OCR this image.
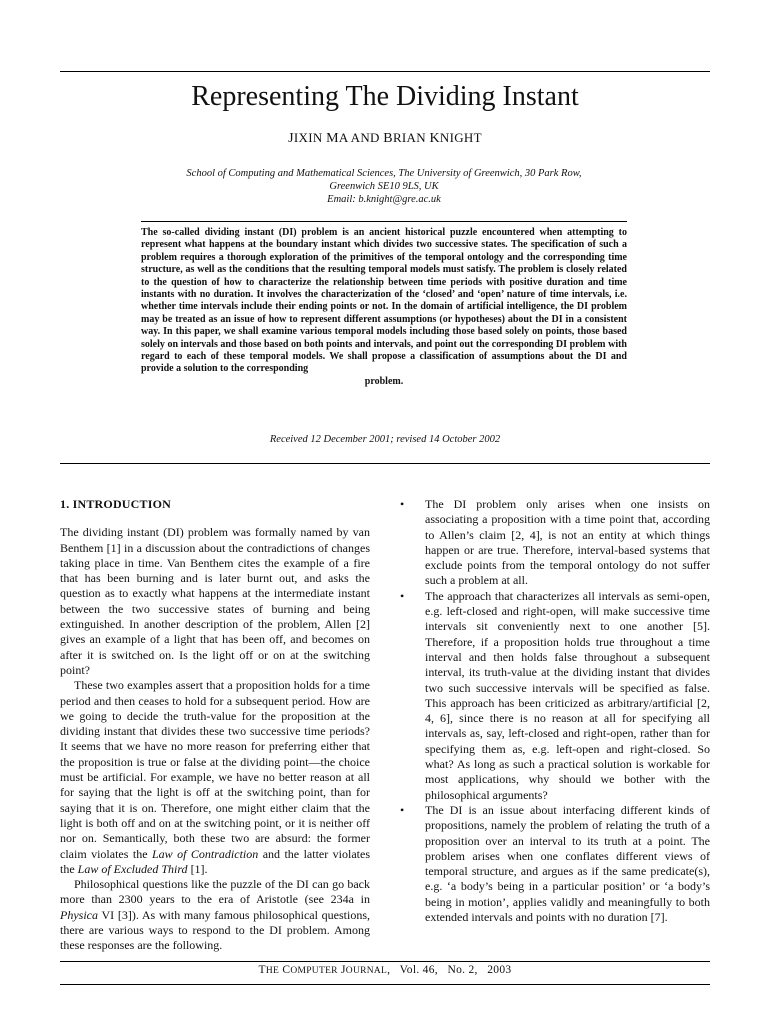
Representing The Dividing Instant
JIXIN MA AND BRIAN KNIGHT
School of Computing and Mathematical Sciences, The University of Greenwich, 30 Park Row,
Greenwich SE10 9LS, UK
Email: b.knight@gre.ac.uk
The so-called dividing instant (DI) problem is an ancient historical puzzle encountered when attempting to represent what happens at the boundary instant which divides two successive states. The specification of such a problem requires a thorough exploration of the primitives of the temporal ontology and the corresponding time structure, as well as the conditions that the resulting temporal models must satisfy. The problem is closely related to the question of how to characterize the relationship between time periods with positive duration and time instants with no duration. It involves the characterization of the ‘closed’ and ‘open’ nature of time intervals, i.e. whether time intervals include their ending points or not. In the domain of artificial intelligence, the DI problem may be treated as an issue of how to represent different assumptions (or hypotheses) about the DI in a consistent way. In this paper, we shall examine various temporal models including those based solely on points, those based solely on intervals and those based on both points and intervals, and point out the corresponding DI problem with regard to each of these temporal models. We shall propose a classification of assumptions about the DI and provide a solution to the corresponding
problem.
Received 12 December 2001; revised 14 October 2002
1. INTRODUCTION

The dividing instant (DI) problem was formally named by van Benthem [1] in a discussion about the contradictions of changes taking place in time. Van Benthem cites the example of a fire that has been burning and is later burnt out, and asks the question as to exactly what happens at the intermediate instant between the two successive states of burning and being extinguished. In another description of the problem, Allen [2] gives an example of a light that has been off, and becomes on after it is switched on. Is the light off or on at the switching point?

These two examples assert that a proposition holds for a time period and then ceases to hold for a subsequent period. How are we going to decide the truth-value for the proposition at the dividing instant that divides these two successive time periods? It seems that we have no more reason for preferring either that the proposition is true or false at the dividing point—the choice must be artificial. For example, we have no better reason at all for saying that the light is off at the switching point, than for saying that it is on. Therefore, one might either claim that the light is both off and on at the switching point, or it is neither off nor on. Semantically, both these two are absurd: the former claim violates the Law of Contradiction and the latter violates the Law of Excluded Third [1].

Philosophical questions like the puzzle of the DI can go back more than 2300 years to the era of Aristotle (see 234a in Physica VI [3]). As with many famous philosophical questions, there are various ways to respond to the DI problem. Among these responses are the following.

• The DI problem only arises when one insists on associating a proposition with a time point that, according to Allen’s claim [2, 4], is not an entity at which things happen or are true. Therefore, interval-based systems that exclude points from the temporal ontology do not suffer such a problem at all.
• The approach that characterizes all intervals as semi-open, e.g. left-closed and right-open, will make successive time intervals sit conveniently next to one another [5]. Therefore, if a proposition holds true throughout a time interval and then holds false throughout a subsequent interval, its truth-value at the dividing instant that divides two such successive intervals will be specified as false. This approach has been criticized as arbitrary/artificial [2, 4, 6], since there is no reason at all for specifying all intervals as, say, left-closed and right-open, rather than for specifying them as, e.g. left-open and right-closed. So what? As long as such a practical solution is workable for most applications, why should we bother with the philosophical arguments?
• The DI is an issue about interfacing different kinds of propositions, namely the problem of relating the truth of a proposition over an interval to its truth at a point. The problem arises when one conflates different views of temporal structure, and argues as if the same predicate(s), e.g. ‘a body’s being in a particular position’ or ‘a body’s being in motion’, applies validly and meaningfully to both extended intervals and points with no duration [7].
THE COMPUTER JOURNAL,   Vol. 46,   No. 2,   2003
